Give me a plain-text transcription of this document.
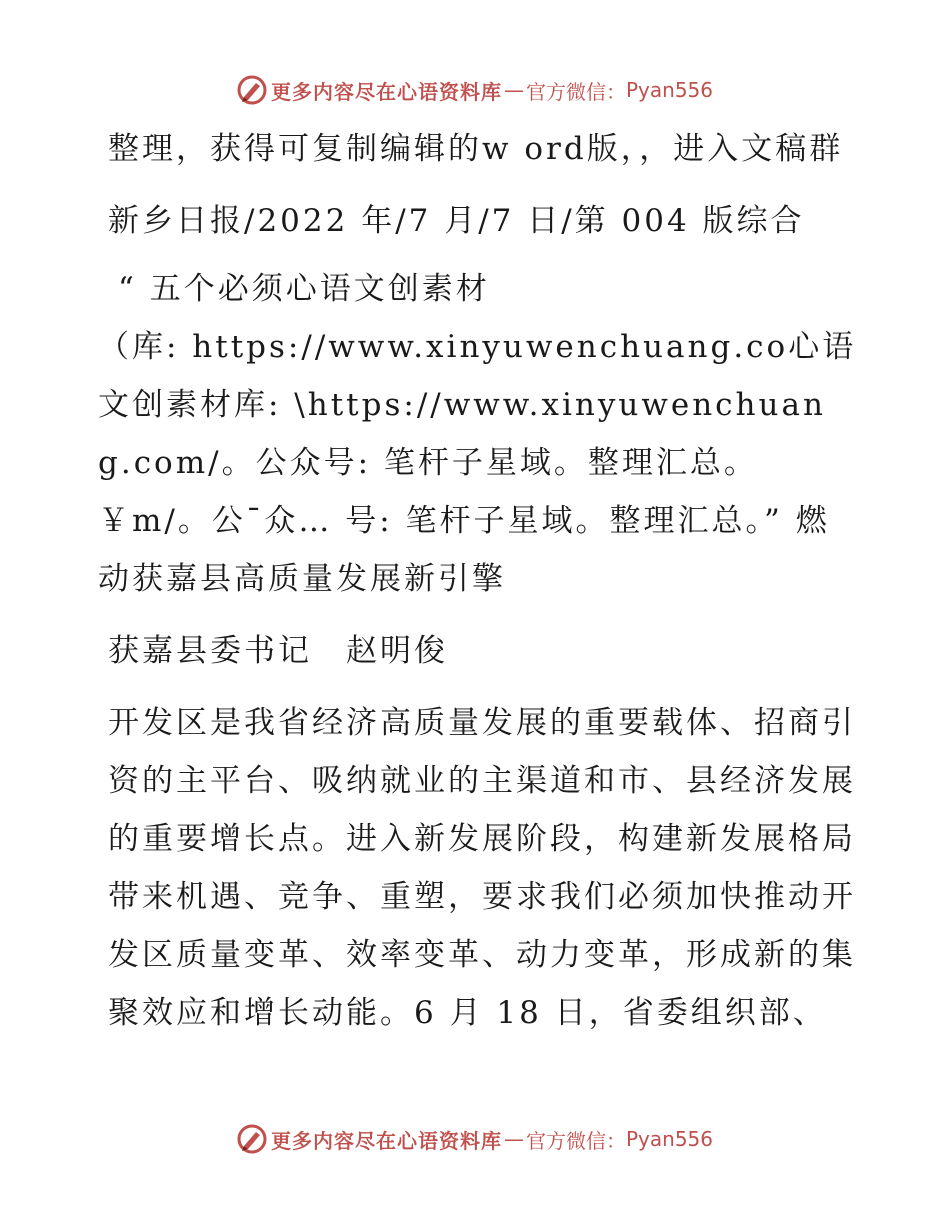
更多内容尽在心语资料库 — 官方微信： Pyan556

整理，获得可复制编辑的w ord版，，进入文稿群

新乡日报/2022 年/7 月/7 日/第 004 版综合

“ 五个必须心语文创素材

（库: https://www.xinyuwenchuang.co心语文创素材库: \https://www.xinyuwenchuang.com/。公众号: 笔杆子星域。整理汇总。￥m/。公¯众… 号: 笔杆子星域。整理汇总。” 燃动获嘉县高质量发展新引擎

获嘉县委书记　赵明俊

开发区是我省经济高质量发展的重要载体、招商引资的主平台、吸纳就业的主渠道和市、县经济发展的重要增长点。进入新发展阶段，构建新发展格局带来机遇、竞争、重塑，要求我们必须加快推动开发区质量变革、效率变革、动力变革，形成新的集聚效应和增长动能。6 月 18 日，省委组织部、

更多内容尽在心语资料库 — 官方微信： Pyan556
